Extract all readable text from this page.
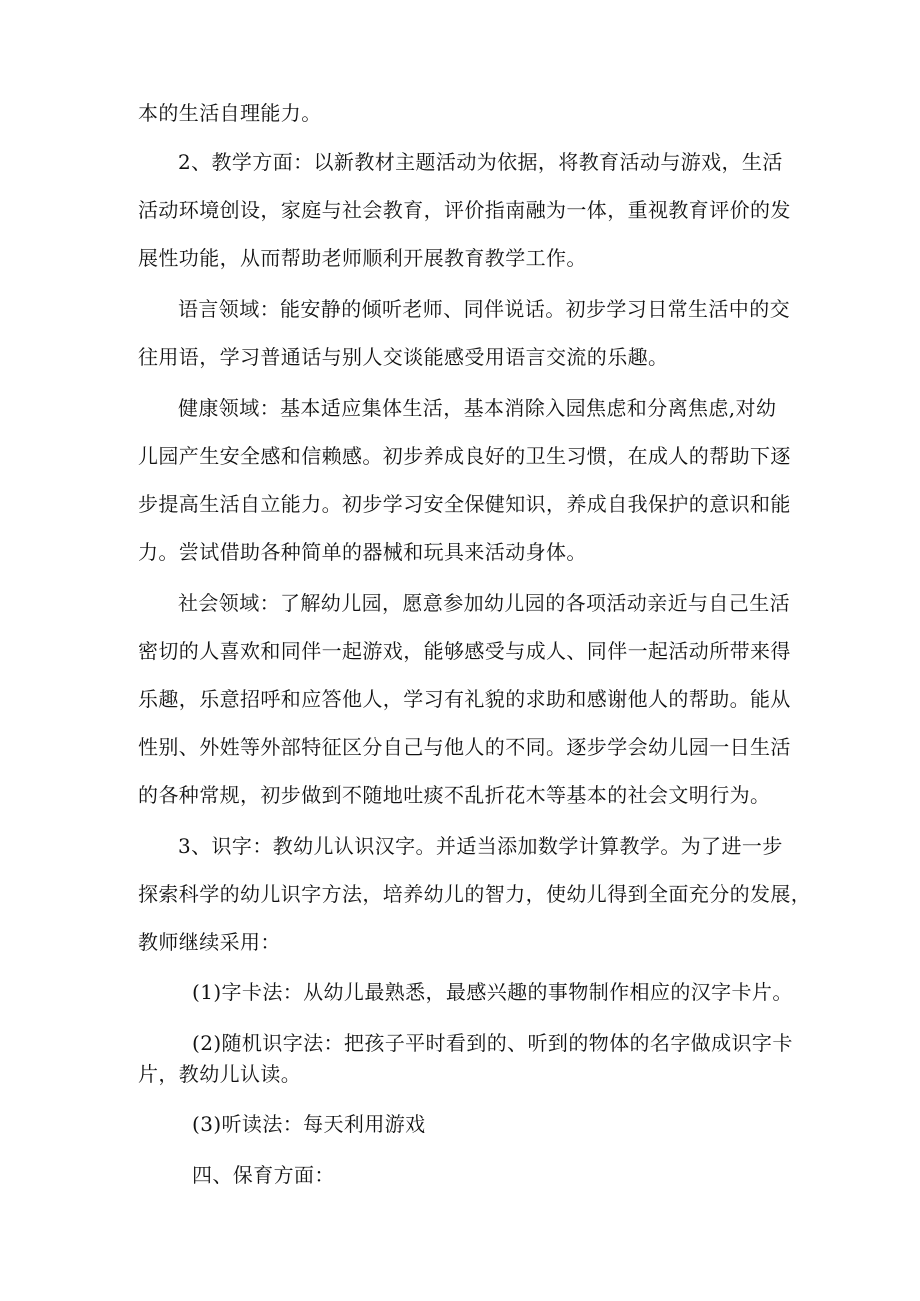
本的生活自理能力。
2、教学方面：以新教材主题活动为依据，将教育活动与游戏，生活
活动环境创设，家庭与社会教育，评价指南融为一体，重视教育评价的发
展性功能，从而帮助老师顺利开展教育教学工作。
语言领域：能安静的倾听老师、同伴说话。初步学习日常生活中的交
往用语，学习普通话与别人交谈能感受用语言交流的乐趣。
健康领域：基本适应集体生活，基本消除入园焦虑和分离焦虑,对幼
儿园产生安全感和信赖感。初步养成良好的卫生习惯，在成人的帮助下逐
步提高生活自立能力。初步学习安全保健知识，养成自我保护的意识和能
力。尝试借助各种简单的器械和玩具来活动身体。
社会领域：了解幼儿园，愿意参加幼儿园的各项活动亲近与自己生活
密切的人喜欢和同伴一起游戏，能够感受与成人、同伴一起活动所带来得
乐趣，乐意招呼和应答他人，学习有礼貌的求助和感谢他人的帮助。能从
性别、外姓等外部特征区分自己与他人的不同。逐步学会幼儿园一日生活
的各种常规，初步做到不随地吐痰不乱折花木等基本的社会文明行为。
3、识字：教幼儿认识汉字。并适当添加数学计算教学。为了进一步
探索科学的幼儿识字方法，培养幼儿的智力，使幼儿得到全面充分的发展，
教师继续采用：
(1)字卡法：从幼儿最熟悉，最感兴趣的事物制作相应的汉字卡片。
(2)随机识字法：把孩子平时看到的、听到的物体的名字做成识字卡
片，教幼儿认读。
(3)听读法：每天利用游戏
四、保育方面：
